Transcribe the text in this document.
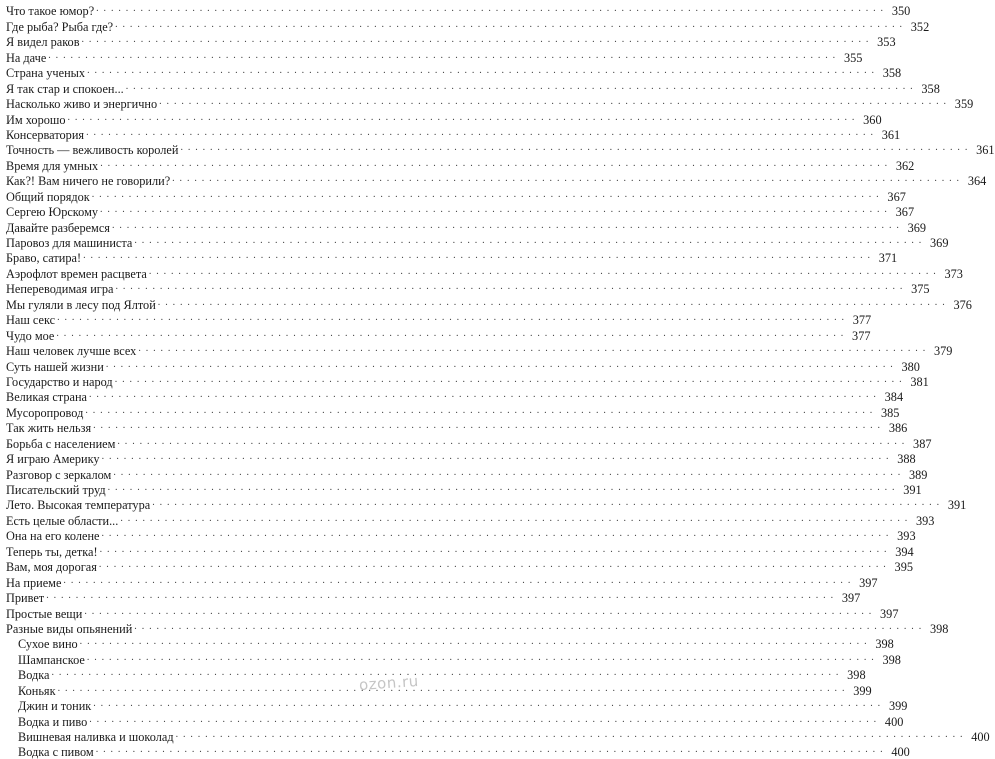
Что такое юмор? . . .	350
Где рыба? Рыба где? . . .	352
Я видел раков . . .	353
На даче . . .	355
Страна ученых . . .	358
Я так стар и спокоен... . . .	358
Насколько живо и энергично . . .	359
Им хорошо . . .	360
Консерватория . . .	361
Точность — вежливость королей . . .	361
Время для умных . . .	362
Как?! Вам ничего не говорили? . . .	364
Общий порядок . . .	367
Сергею Юрскому . . .	367
Давайте разберемся . . .	369
Паровоз для машиниста . . .	369
Браво, сатира! . . .	371
Аэрофлот времен расцвета . . .	373
Непереводимая игра . . .	375
Мы гуляли в лесу под Ялтой . . .	376
Наш секс . . .	377
Чудо мое . . .	377
Наш человек лучше всех . . .	379
Суть нашей жизни . . .	380
Государство и народ . . .	381
Великая страна . . .	384
Мусоропровод . . .	385
Так жить нельзя . . .	386
Борьба с населением . . .	387
Я играю Америку . . .	388
Разговор с зеркалом . . .	389
Писательский труд . . .	391
Лето. Высокая температура . . .	391
Есть целые области... . . .	393
Она на его колене . . .	393
Теперь ты, детка! . . .	394
Вам, моя дорогая . . .	395
На приеме . . .	397
Привет . . .	397
Простые вещи . . .	397
Разные виды опьянений . . .	398
Сухое вино . . .	398
Шампанское . . .	398
Водка . . .	398
Коньяк . . .	399
Джин и тоник . . .	399
Водка и пиво . . .	400
Вишневая наливка и шоколад . . .	400
Водка с пивом . . .	400
ozon.ru
